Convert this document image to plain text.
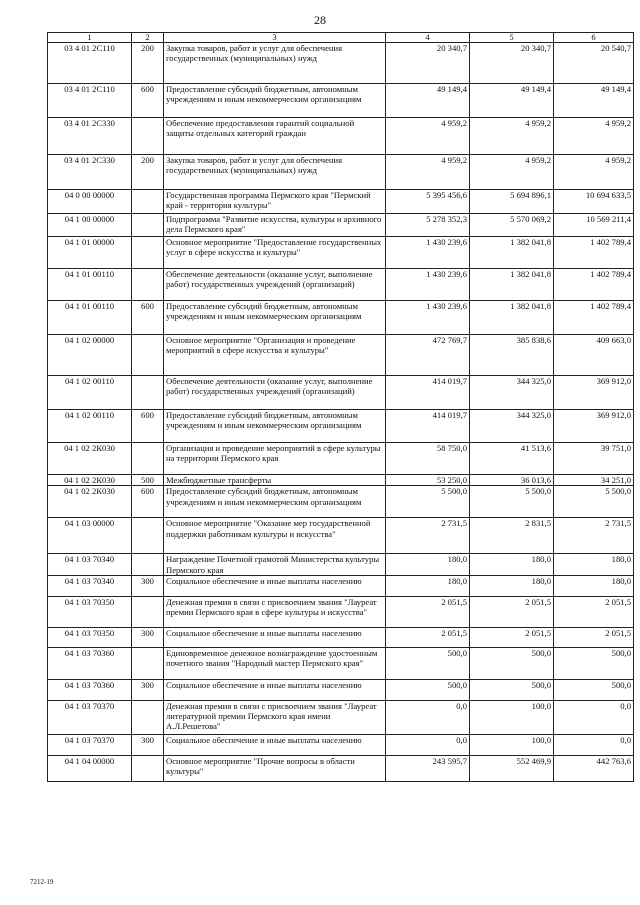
28
1	2	3	4	5	6
03 4 01 2С110	200	Закупка товаров, работ и услуг для обеспечения государственных (муниципальных) нужд	20 340,7	20 340,7	20 540,7
03 4 01 2С110	600	Предоставление субсидий бюджетным, автономным учреждениям и иным некоммерческим организациям	49 149,4	49 149,4	49 149,4
03 4 01 2С330		Обеспечение предоставления гарантий социальной защиты отдельных категорий граждан	4 959,2	4 959,2	4 959,2
03 4 01 2С330	200	Закупка товаров, работ и услуг для обеспечения государственных (муниципальных) нужд	4 959,2	4 959,2	4 959,2
04 0 00 00000		Государственная программа Пермского края "Пермский край - территория культуры"	5 395 456,6	5 694 896,1	10 694 633,5
04 1 00 00000		Подпрограмма "Развитие искусства, культуры и архивного дела Пермского края"	5 278 352,3	5 570 069,2	10 569 211,4
04 1 01 00000		Основное мероприятие "Предоставление государственных услуг в сфере искусства и культуры"	1 430 239,6	1 382 041,8	1 402 789,4
04 1 01 00110		Обеспечение деятельности (оказание услуг, выполнение работ) государственных учреждений (организаций)	1 430 239,6	1 382 041,8	1 402 789,4
04 1 01 00110	600	Предоставление субсидий бюджетным, автономным учреждениям и иным некоммерческим организациям	1 430 239,6	1 382 041,8	1 402 789,4
04 1 02 00000		Основное мероприятие "Организация и проведение мероприятий в сфере искусства и культуры"	472 769,7	385 838,6	409 663,0
04 1 02 00110		Обеспечение деятельности (оказание услуг, выполнение работ) государственных учреждений (организаций)	414 019,7	344 325,0	369 912,0
04 1 02 00110	600	Предоставление субсидий бюджетным, автономным учреждениям и иным некоммерческим организациям	414 019,7	344 325,0	369 912,0
04 1 02 2К030		Организация и проведение мероприятий в сфере культуры на территории Пермского края	58 750,0	41 513,6	39 751,0
04 1 02 2К030	500	Межбюджетные трансферты	53 250,0	36 013,6	34 251,0
04 1 02 2К030	600	Предоставление субсидий бюджетным, автономным учреждениям и иным некоммерческим организациям	5 500,0	5 500,0	5 500,0
04 1 03 00000		Основное мероприятие "Оказание мер государственной поддержки работникам культуры и искусства"	2 731,5	2 831,5	2 731,5
04 1 03 70340		Награждение Почетной грамотой Министерства культуры Пермского края	180,0	180,0	180,0
04 1 03 70340	300	Социальное обеспечение и иные выплаты населению	180,0	180,0	180,0
04 1 03 70350		Денежная премия в связи с присвоением звания "Лауреат премии Пермского края в сфере культуры и искусства"	2 051,5	2 051,5	2 051,5
04 1 03 70350	300	Социальное обеспечение и иные выплаты населению	2 051,5	2 051,5	2 051,5
04 1 03 70360		Единовременное денежное вознаграждение удостоенным почетного звания "Народный мастер Пермского края"	500,0	500,0	500,0
04 1 03 70360	300	Социальное обеспечение и иные выплаты населению	500,0	500,0	500,0
04 1 03 70370		Денежная премия в связи с присвоением звания "Лауреат литературной премии Пермского края имени А.Л.Решетова"	0,0	100,0	0,0
04 1 03 70370	300	Социальное обеспечение и иные выплаты населению	0,0	100,0	0,0
04 1 04 00000		Основное мероприятие "Прочие вопросы в области культуры"	243 595,7	552 469,9	442 763,6
7212-19
